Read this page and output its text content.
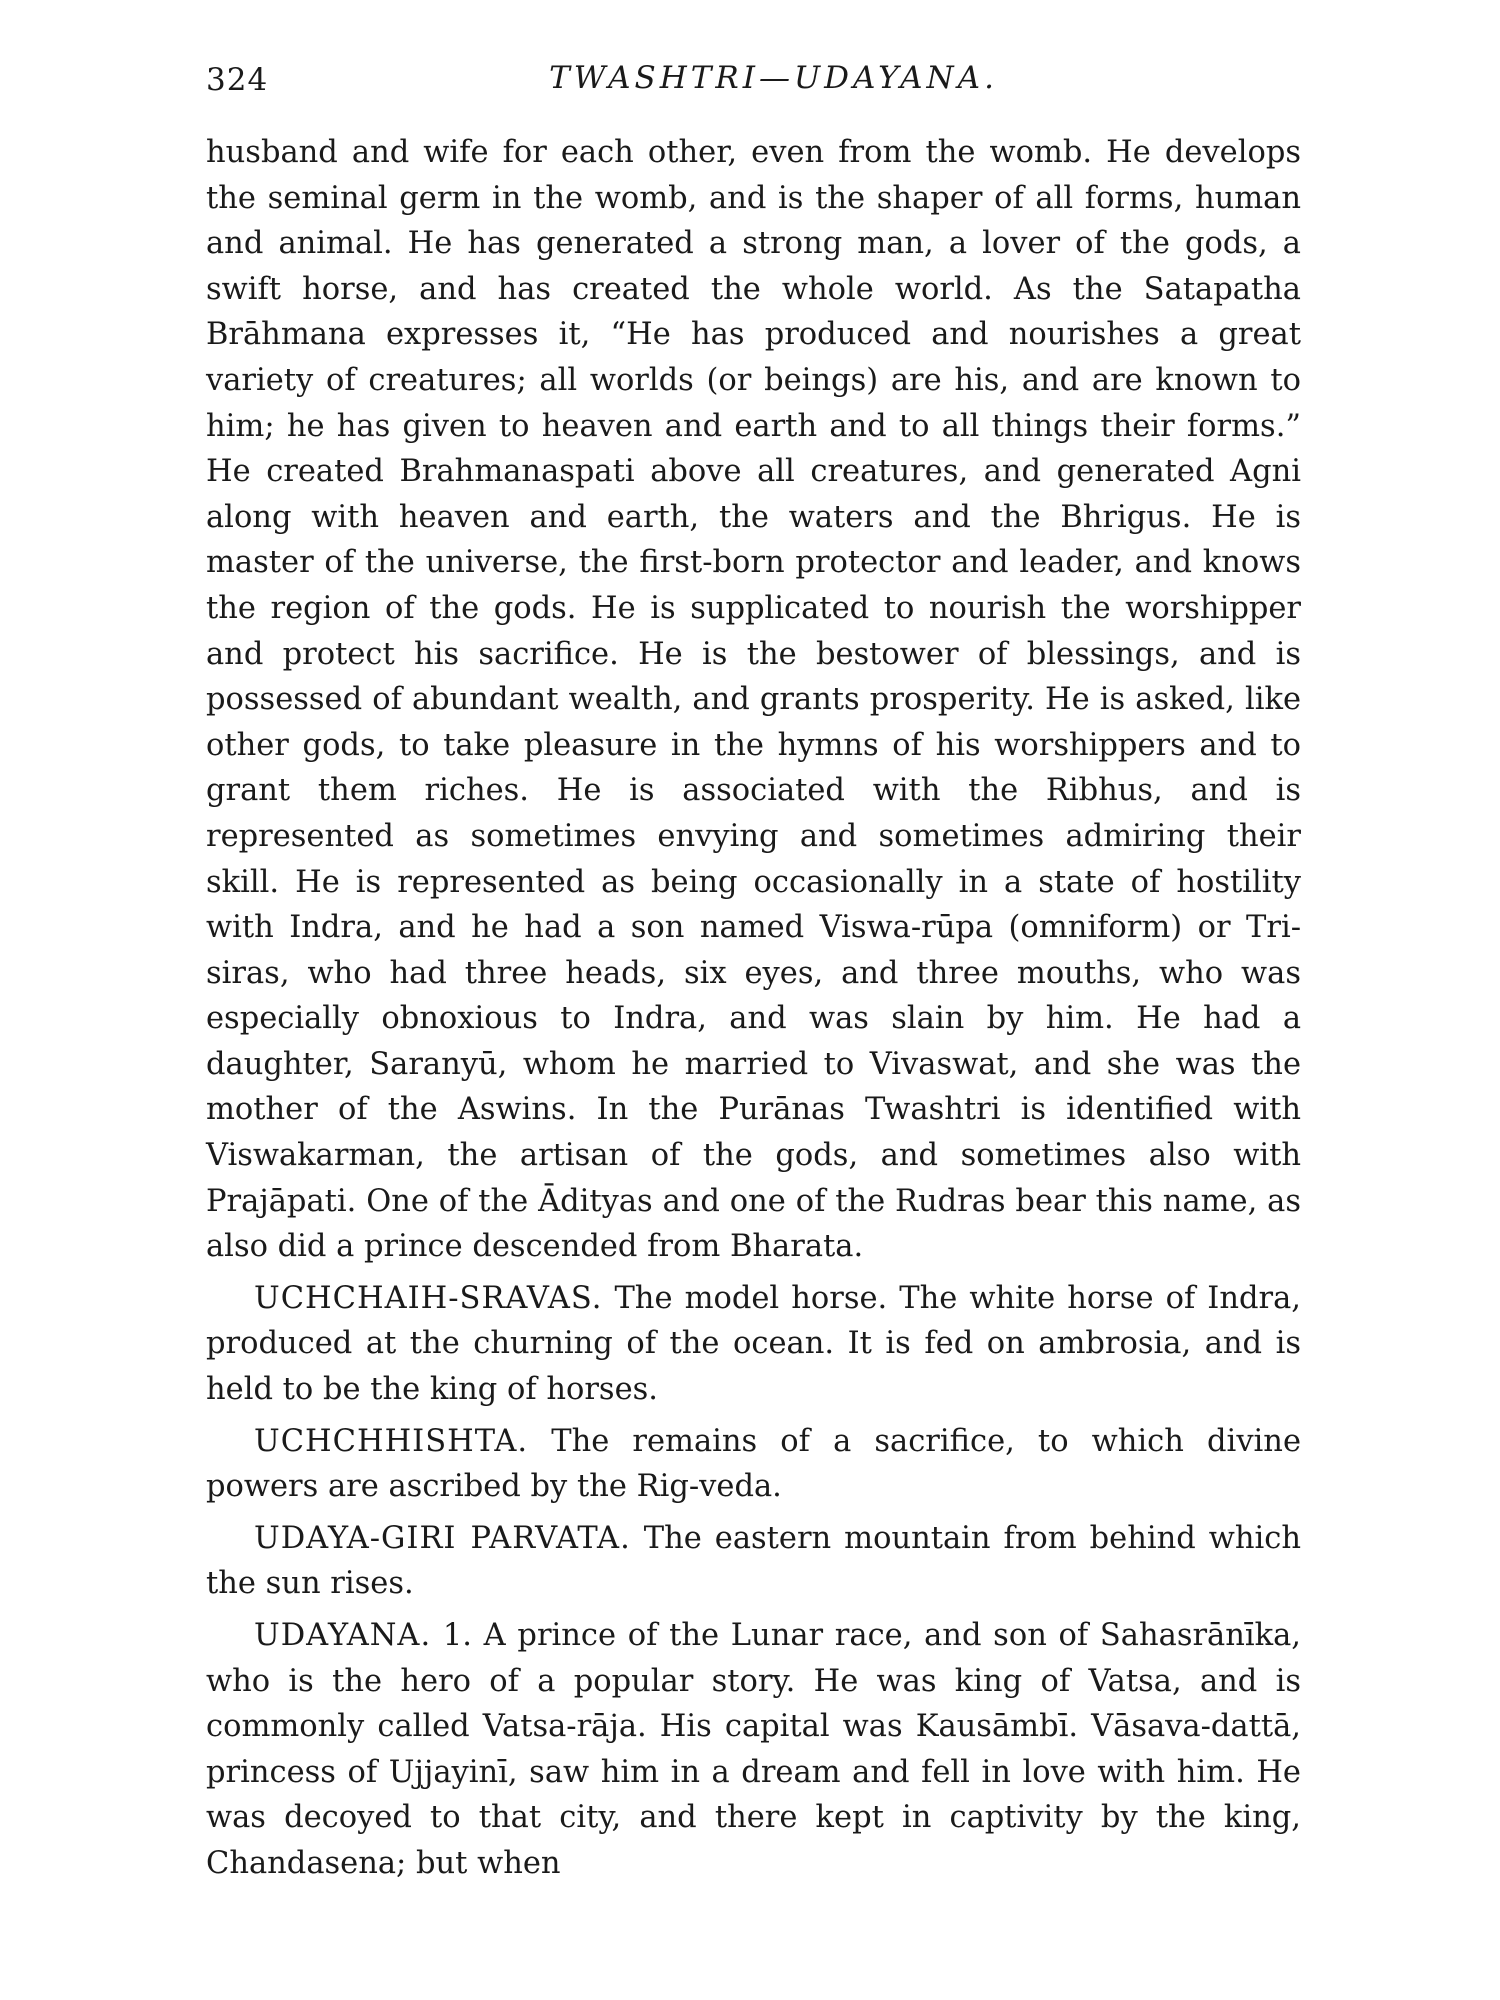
324	TWASHTRI—UDAYANA.

husband and wife for each other, even from the womb. He develops the seminal germ in the womb, and is the shaper of all forms, human and animal. He has generated a strong man, a lover of the gods, a swift horse, and has created the whole world. As the Satapatha Brāhmana expresses it, “He has produced and nourishes a great variety of creatures; all worlds (or beings) are his, and are known to him; he has given to heaven and earth and to all things their forms.” He created Brahmanaspati above all creatures, and generated Agni along with heaven and earth, the waters and the Bhrigus. He is master of the universe, the first-born protector and leader, and knows the region of the gods. He is supplicated to nourish the worshipper and protect his sacrifice. He is the bestower of blessings, and is possessed of abundant wealth, and grants prosperity. He is asked, like other gods, to take pleasure in the hymns of his worshippers and to grant them riches. He is associated with the Ribhus, and is represented as sometimes envying and sometimes admiring their skill. He is represented as being occasionally in a state of hostility with Indra, and he had a son named Viswa-rūpa (omniform) or Tri-siras, who had three heads, six eyes, and three mouths, who was especially obnoxious to Indra, and was slain by him. He had a daughter, Saranyū, whom he married to Vivaswat, and she was the mother of the Aswins. In the Purānas Twashtri is identified with Viswakarman, the artisan of the gods, and sometimes also with Prajāpati. One of the Ādityas and one of the Rudras bear this name, as also did a prince descended from Bharata.

UCHCHAIH-SRAVAS. The model horse. The white horse of Indra, produced at the churning of the ocean. It is fed on ambrosia, and is held to be the king of horses.

UCHCHHISHTA. The remains of a sacrifice, to which divine powers are ascribed by the Rig-veda.

UDAYA-GIRI PARVATA. The eastern mountain from behind which the sun rises.

UDAYANA. 1. A prince of the Lunar race, and son of Sahasrānīka, who is the hero of a popular story. He was king of Vatsa, and is commonly called Vatsa-rāja. His capital was Kausāmbī. Vāsava-dattā, princess of Ujjayinī, saw him in a dream and fell in love with him. He was decoyed to that city, and there kept in captivity by the king, Chandasena; but when
